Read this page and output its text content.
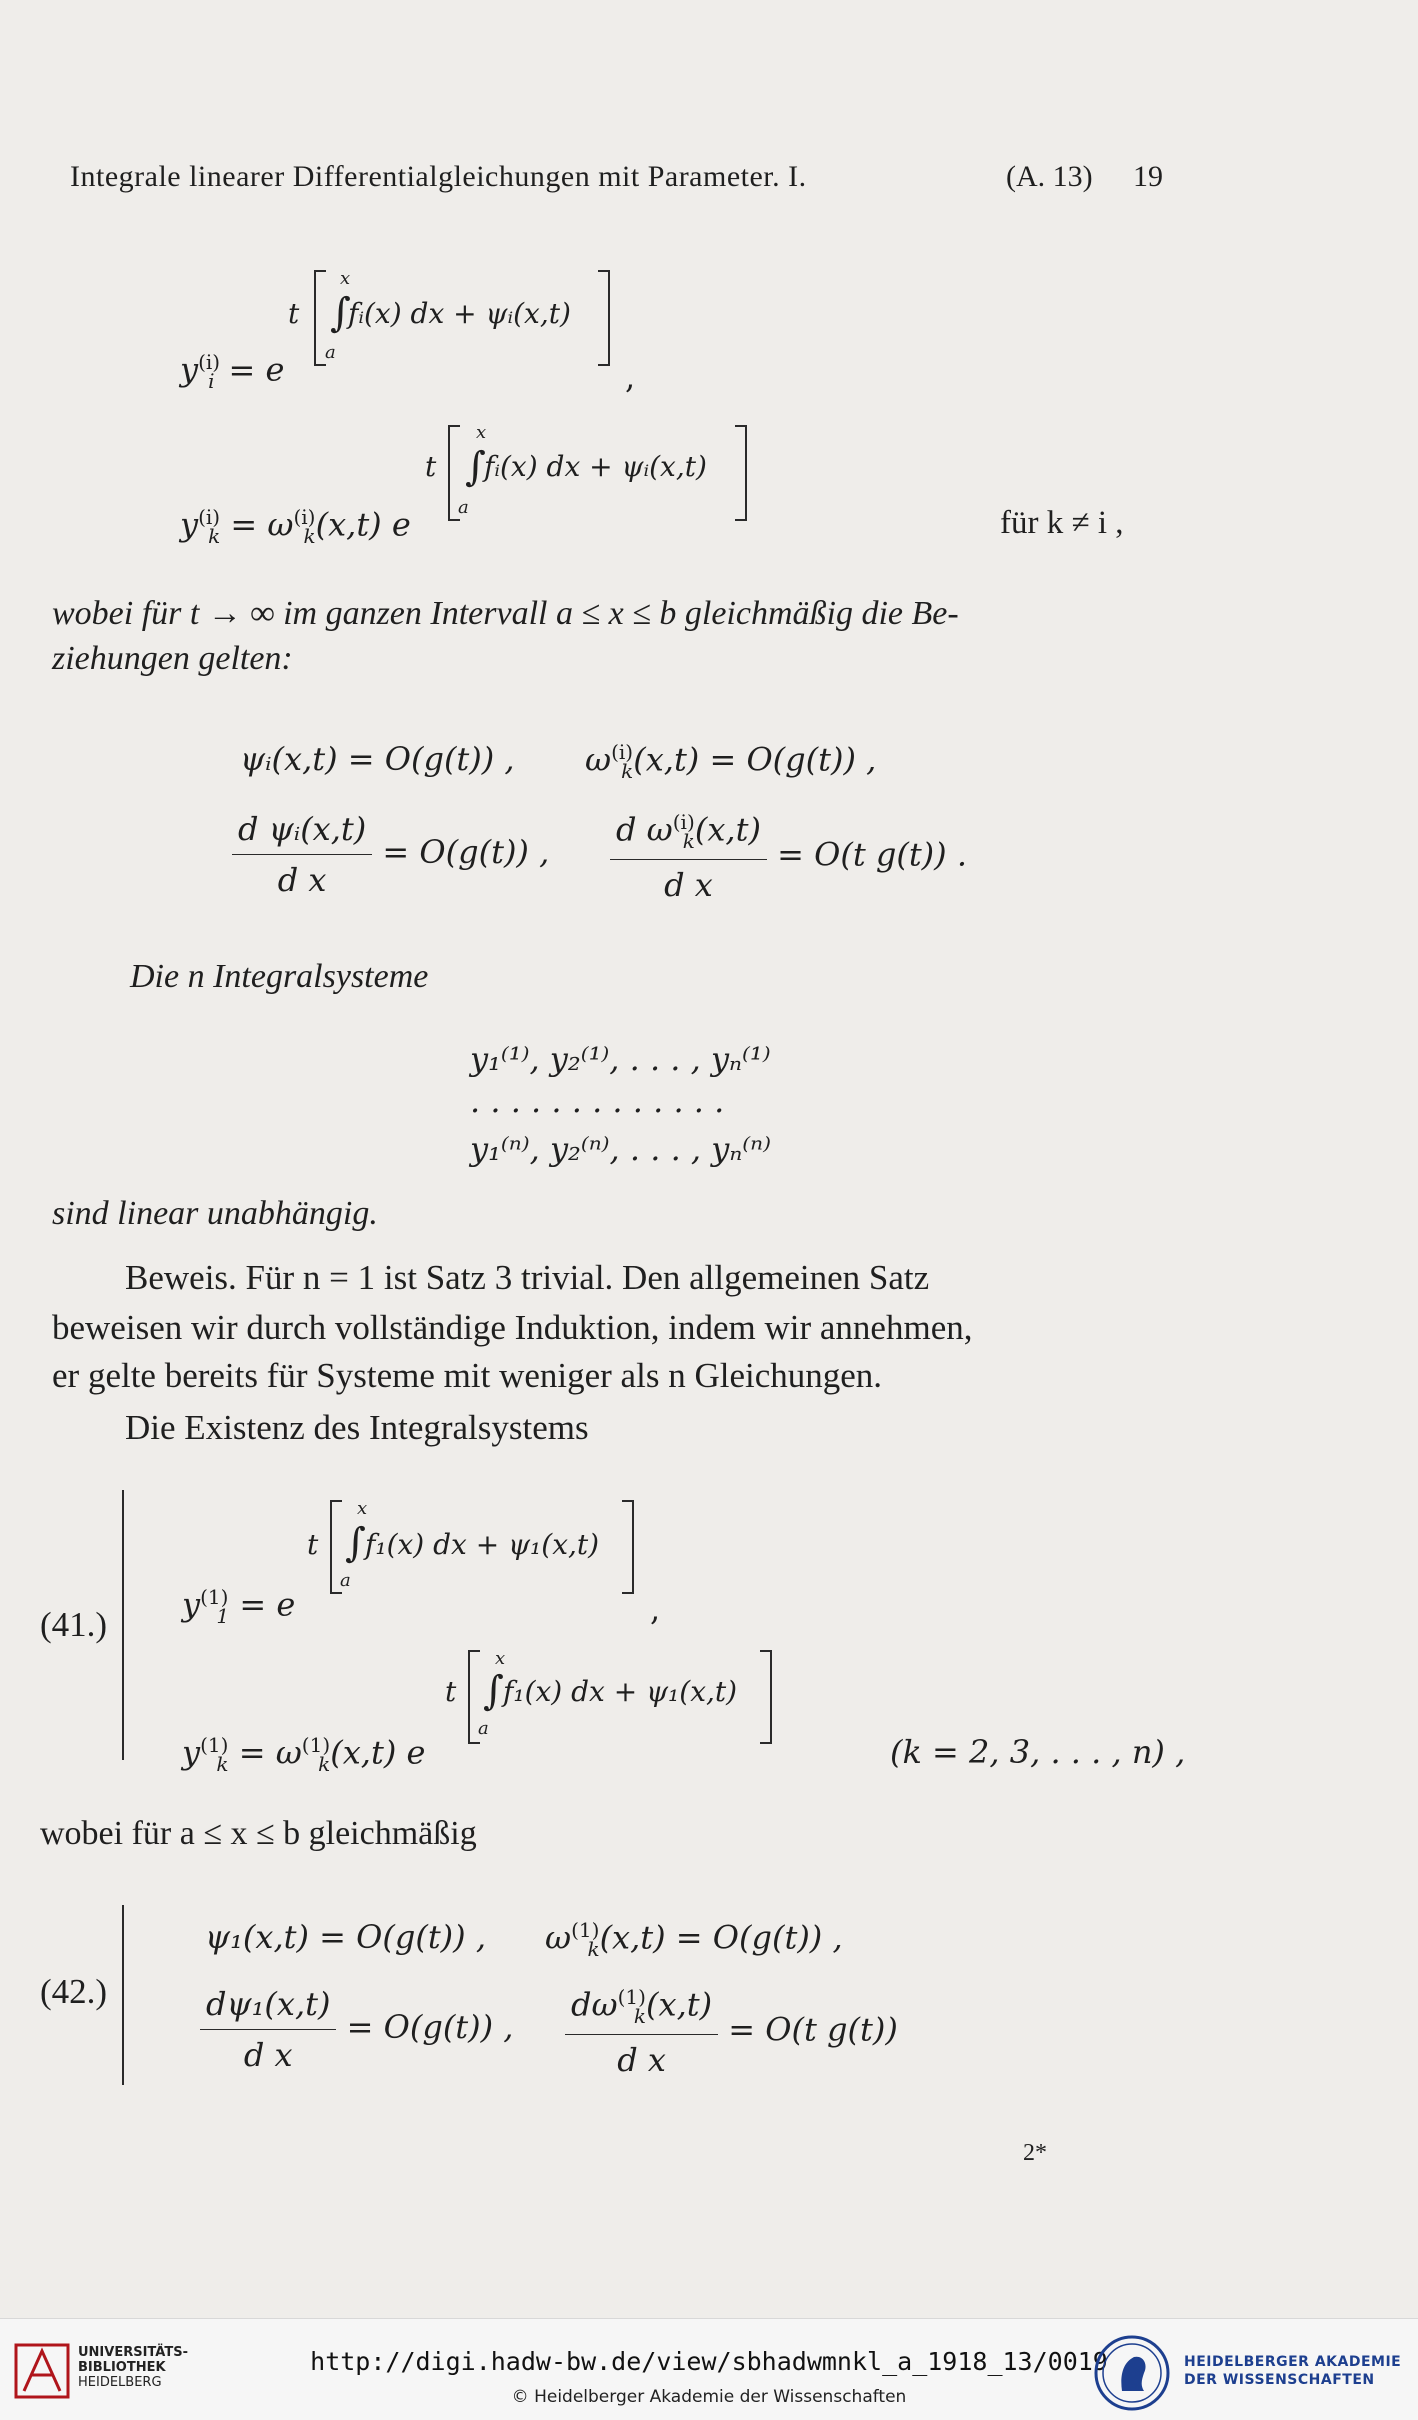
Integrale linearer Differentialgleichungen mit Parameter. I.	(A. 13) 19
$y^{(i)}_i = e$
t
x
∫
fᵢ(x) dx + ψᵢ(x,t)
a
,
$y^{(i)}_k = \omega^{(i)}_k(x,t)$ e
t
x
∫
fᵢ(x) dx + ψᵢ(x,t)
a	für k ≠ i ,
wobei für t → ∞ im ganzen Intervall a ≤ x ≤ b gleichmäßig die Be-
ziehungen gelten:
ψᵢ(x,t) = O(g(t)) , $\omega^{(i)}_k(x,t) = O(g(t))$ ,
$\frac{\text{d ψᵢ(x,t)}}{\text{d x}} = O(g(t))$ , $\frac{d \omega^{(i)}_k(x,t)}{\text{d x}} = O(t$ g(t)) .
Die n Integralsysteme
y₁⁽¹⁾, y₂⁽¹⁾, . . . , yₙ⁽¹⁾
. . . . . . . . . . . . .
y₁⁽ⁿ⁾, y₂⁽ⁿ⁾, . . . , yₙ⁽ⁿ⁾
sind linear unabhängig.
Beweis. Für n = 1 ist Satz 3 trivial. Den allgemeinen Satz
beweisen wir durch vollständige Induktion, indem wir annehmen,
er gelte bereits für Systeme mit weniger als n Gleichungen.
Die Existenz des Integralsystems
(41.)
$y^{(1)}_1 = e$
t
x
∫ f₁(x) dx + ψ₁(x,t)
a
,
$y^{(1)}_k = \omega^{(1)}_k(x,t)$ e
t
x
∫ f₁(x) dx + ψ₁(x,t)
a
(k = 2, 3, . . . , n) ,
wobei für a ≤ x ≤ b gleichmäßig
(42.)
ψ₁(x,t) = O(g(t)) , $\omega^{(1)}_k(x,t) = O(g(t))$ ,
$\frac{\text{dψ₁(x,t)}}{\text{d x}} = O(g(t))$ , $\frac{d\omega^{(1)}_k(x,t)}{\text{d x}} = O(t$ g(t))
2*
UNIVERSITÄTS-
BIBLIOTHEK
HEIDELBERG
http://digi.hadw-bw.de/view/sbhadwmnkl_a_1918_13/0019
© Heidelberger Akademie der Wissenschaften
HEIDELBERGER AKADEMIE
DER WISSENSCHAFTEN
